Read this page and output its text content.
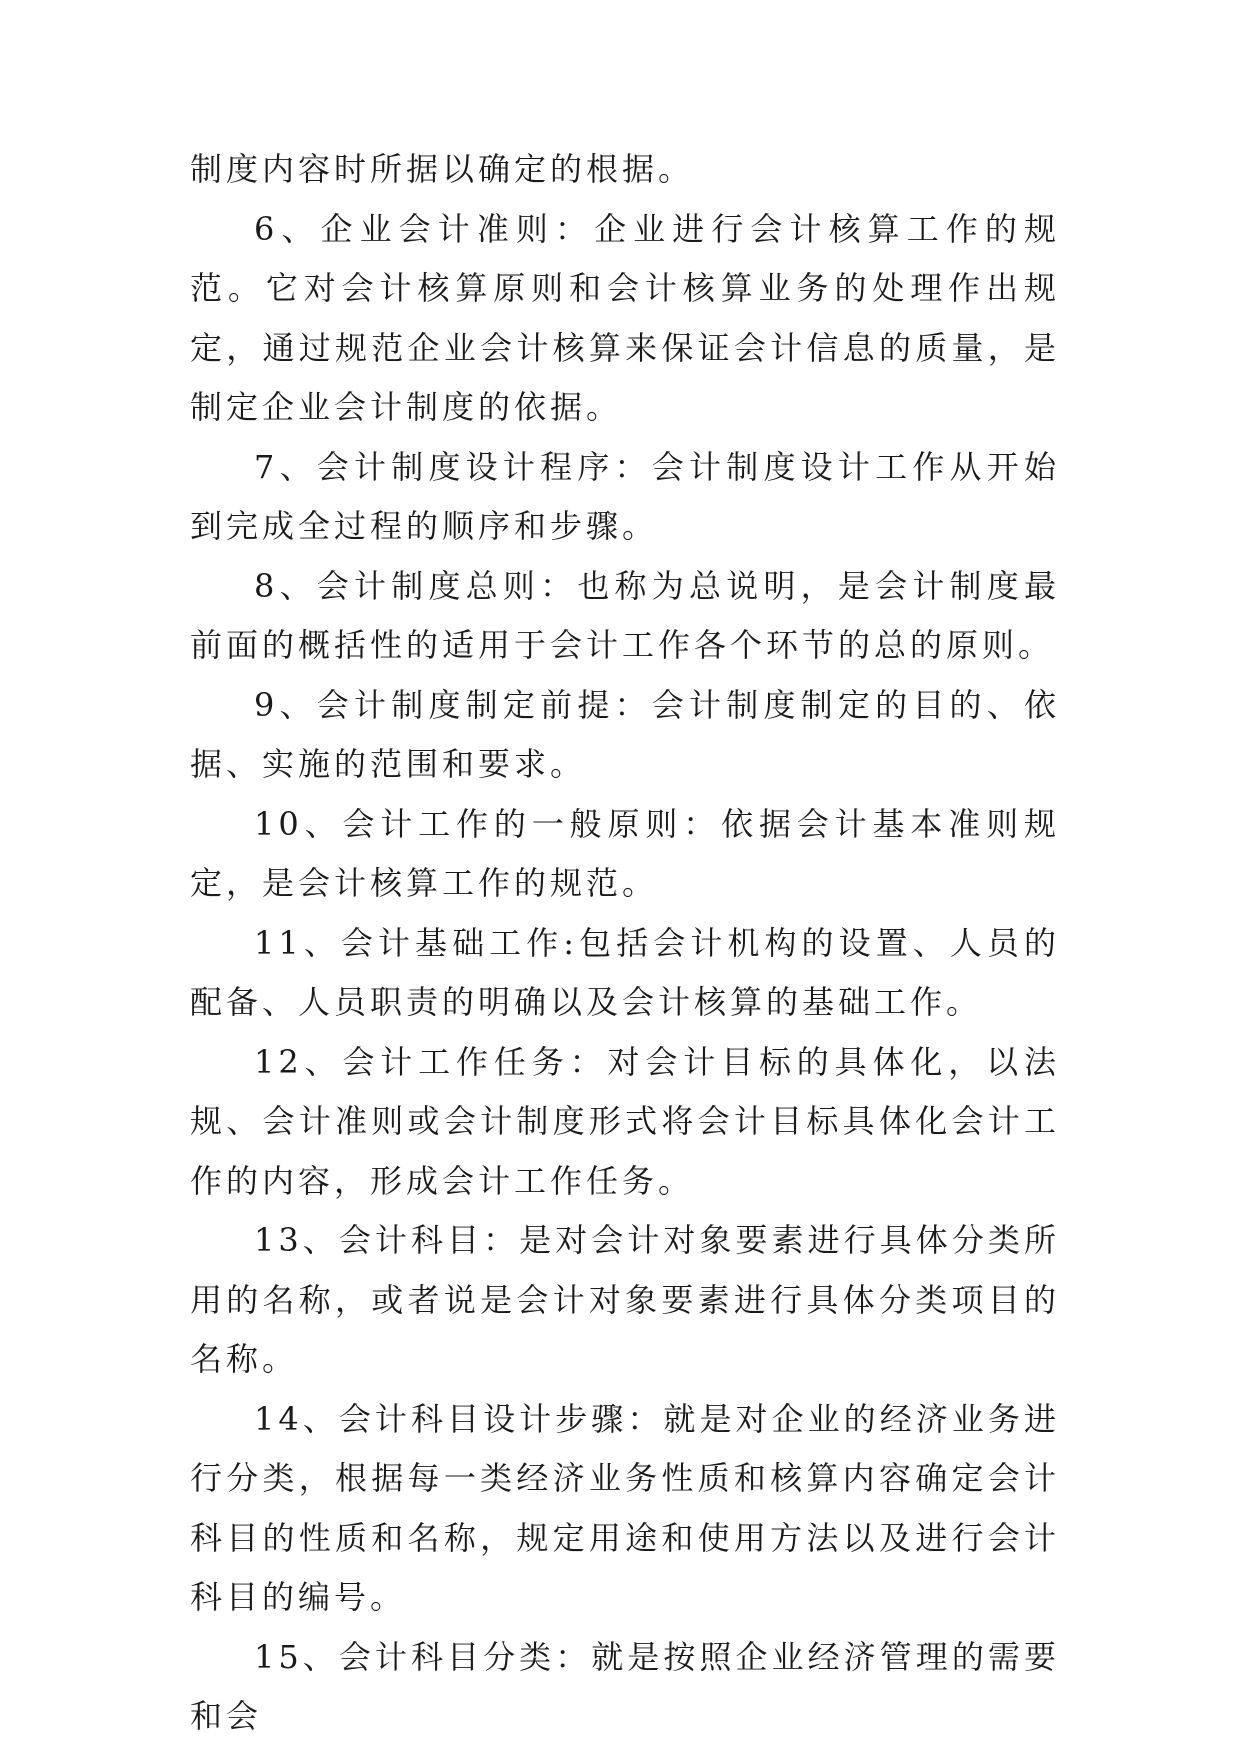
制度内容时所据以确定的根据。

6、企业会计准则：企业进行会计核算工作的规范。它对会计核算原则和会计核算业务的处理作出规定，通过规范企业会计核算来保证会计信息的质量，是制定企业会计制度的依据。

7、会计制度设计程序：会计制度设计工作从开始到完成全过程的顺序和步骤。

8、会计制度总则：也称为总说明，是会计制度最前面的概括性的适用于会计工作各个环节的总的原则。

9、会计制度制定前提：会计制度制定的目的、依据、实施的范围和要求。

10、会计工作的一般原则：依据会计基本准则规定，是会计核算工作的规范。

11、会计基础工作:包括会计机构的设置、人员的配备、人员职责的明确以及会计核算的基础工作。

12、会计工作任务：对会计目标的具体化，以法规、会计准则或会计制度形式将会计目标具体化会计工作的内容，形成会计工作任务。

13、会计科目：是对会计对象要素进行具体分类所用的名称，或者说是会计对象要素进行具体分类项目的名称。

14、会计科目设计步骤：就是对企业的经济业务进行分类，根据每一类经济业务性质和核算内容确定会计科目的性质和名称，规定用途和使用方法以及进行会计科目的编号。

15、会计科目分类：就是按照企业经济管理的需要和会
